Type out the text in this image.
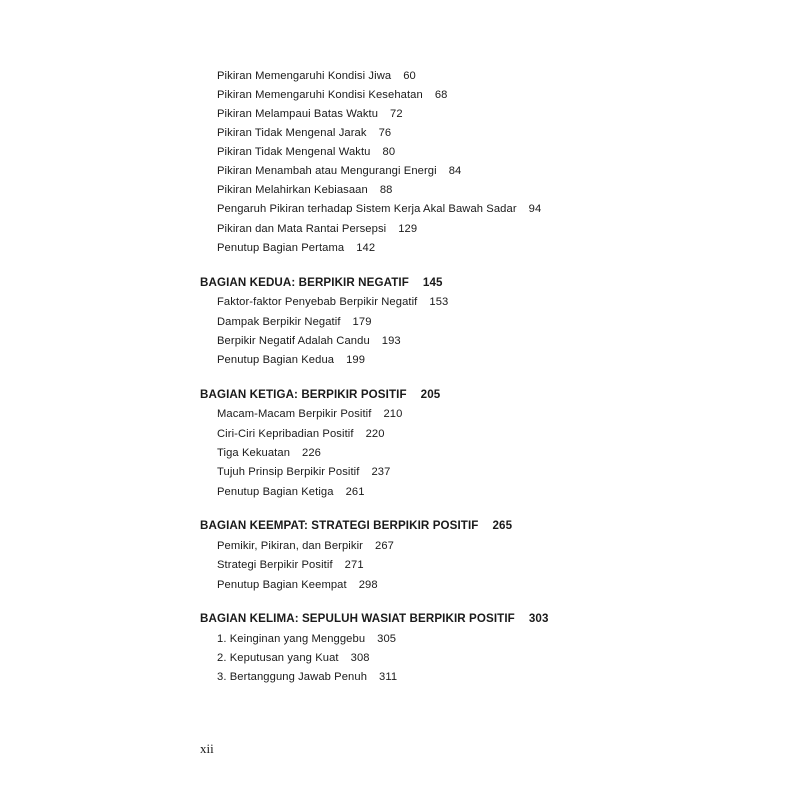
Pikiran Memengaruhi Kondisi Jiwa 60
Pikiran Memengaruhi Kondisi Kesehatan 68
Pikiran Melampaui Batas Waktu 72
Pikiran Tidak Mengenal Jarak 76
Pikiran Tidak Mengenal Waktu 80
Pikiran Menambah atau Mengurangi Energi 84
Pikiran Melahirkan Kebiasaan 88
Pengaruh Pikiran terhadap Sistem Kerja Akal Bawah Sadar 94
Pikiran dan Mata Rantai Persepsi 129
Penutup Bagian Pertama 142
BAGIAN KEDUA: BERPIKIR NEGATIF 145
Faktor-faktor Penyebab Berpikir Negatif 153
Dampak Berpikir Negatif 179
Berpikir Negatif Adalah Candu 193
Penutup Bagian Kedua 199
BAGIAN KETIGA: BERPIKIR POSITIF 205
Macam-Macam Berpikir Positif 210
Ciri-Ciri Kepribadian Positif 220
Tiga Kekuatan 226
Tujuh Prinsip Berpikir Positif 237
Penutup Bagian Ketiga 261
BAGIAN KEEMPAT: STRATEGI BERPIKIR POSITIF 265
Pemikir, Pikiran, dan Berpikir 267
Strategi Berpikir Positif 271
Penutup Bagian Keempat 298
BAGIAN KELIMA: SEPULUH WASIAT BERPIKIR POSITIF 303
1. Keinginan yang Menggebu 305
2. Keputusan yang Kuat 308
3. Bertanggung Jawab Penuh 311
xii
